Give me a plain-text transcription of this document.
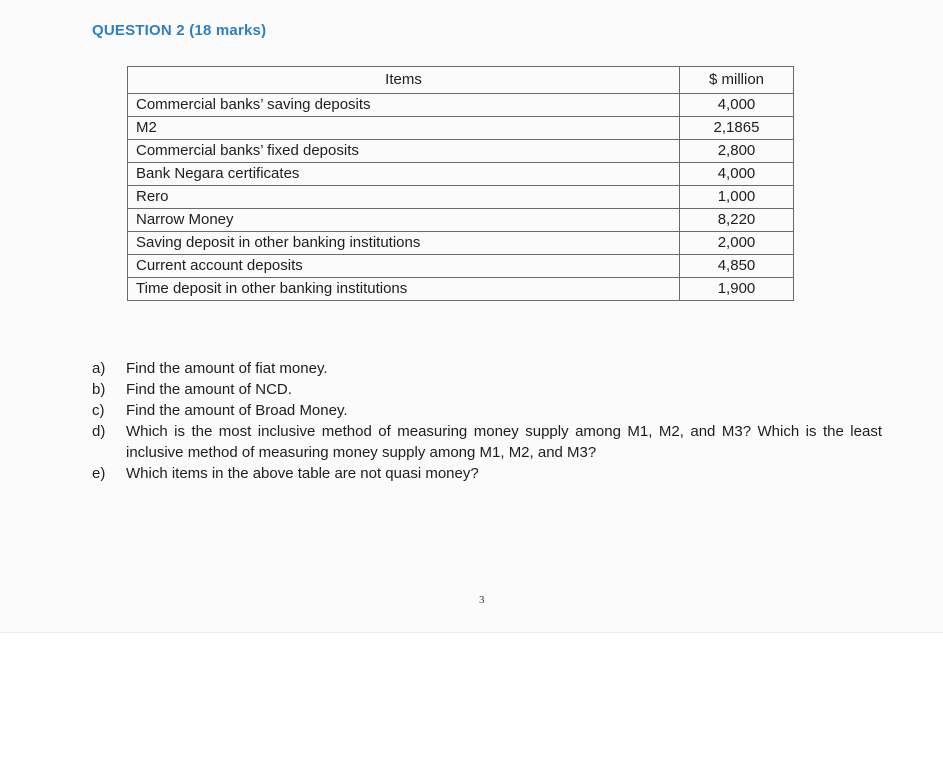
QUESTION 2 (18 marks)
Items	$ million
Commercial banks’ saving deposits	4,000
M2	2,1865
Commercial banks’ fixed deposits	2,800
Bank Negara certificates	4,000
Rero	1,000
Narrow Money	8,220
Saving deposit in other banking institutions	2,000
Current account deposits	4,850
Time deposit in other banking institutions	1,900
a)	Find the amount of fiat money.
b)	Find the amount of NCD.
c)	Find the amount of Broad Money.
d)	Which is the most inclusive method of measuring money supply among M1, M2, and M3? Which is the least inclusive method of measuring money supply among M1, M2, and M3?
e)	Which items in the above table are not quasi money?
3
